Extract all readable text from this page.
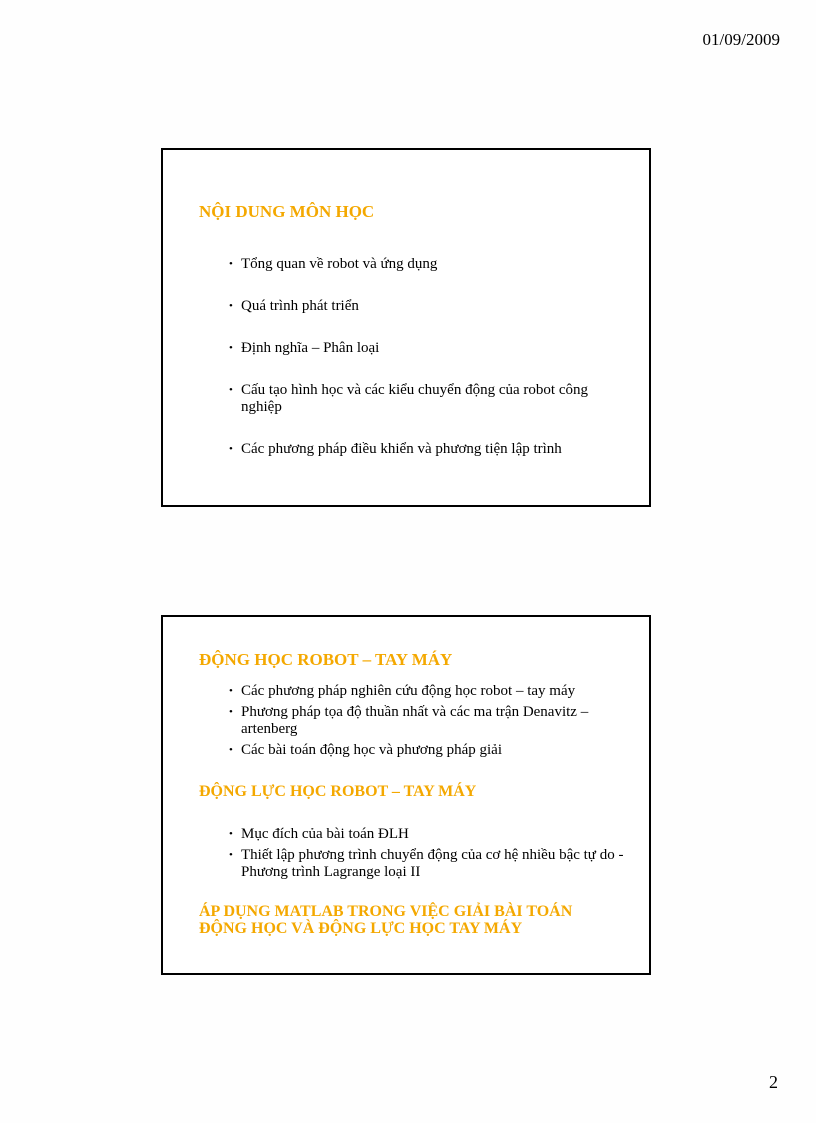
01/09/2009
NỘI DUNG MÔN HỌC
• Tổng quan về robot và ứng dụng
• Quá trình phát triển
• Định nghĩa – Phân loại
• Cấu tạo hình học và các kiểu chuyển động của robot công nghiệp
• Các phương pháp điều khiển và phương tiện lập trình
ĐỘNG HỌC ROBOT – TAY MÁY
• Các phương pháp nghiên cứu động học robot – tay máy
• Phương pháp tọa độ thuần nhất và các ma trận Denavitz – artenberg
• Các bài toán động học và phương pháp giải
ĐỘNG LỰC HỌC ROBOT – TAY MÁY
• Mục đích của bài toán ĐLH
• Thiết lập phương trình chuyển động của cơ hệ nhiều bậc tự do - Phương trình Lagrange loại II
ÁP DỤNG MATLAB TRONG VIỆC GIẢI BÀI TOÁN
ĐỘNG HỌC VÀ ĐỘNG LỰC HỌC TAY MÁY
2
